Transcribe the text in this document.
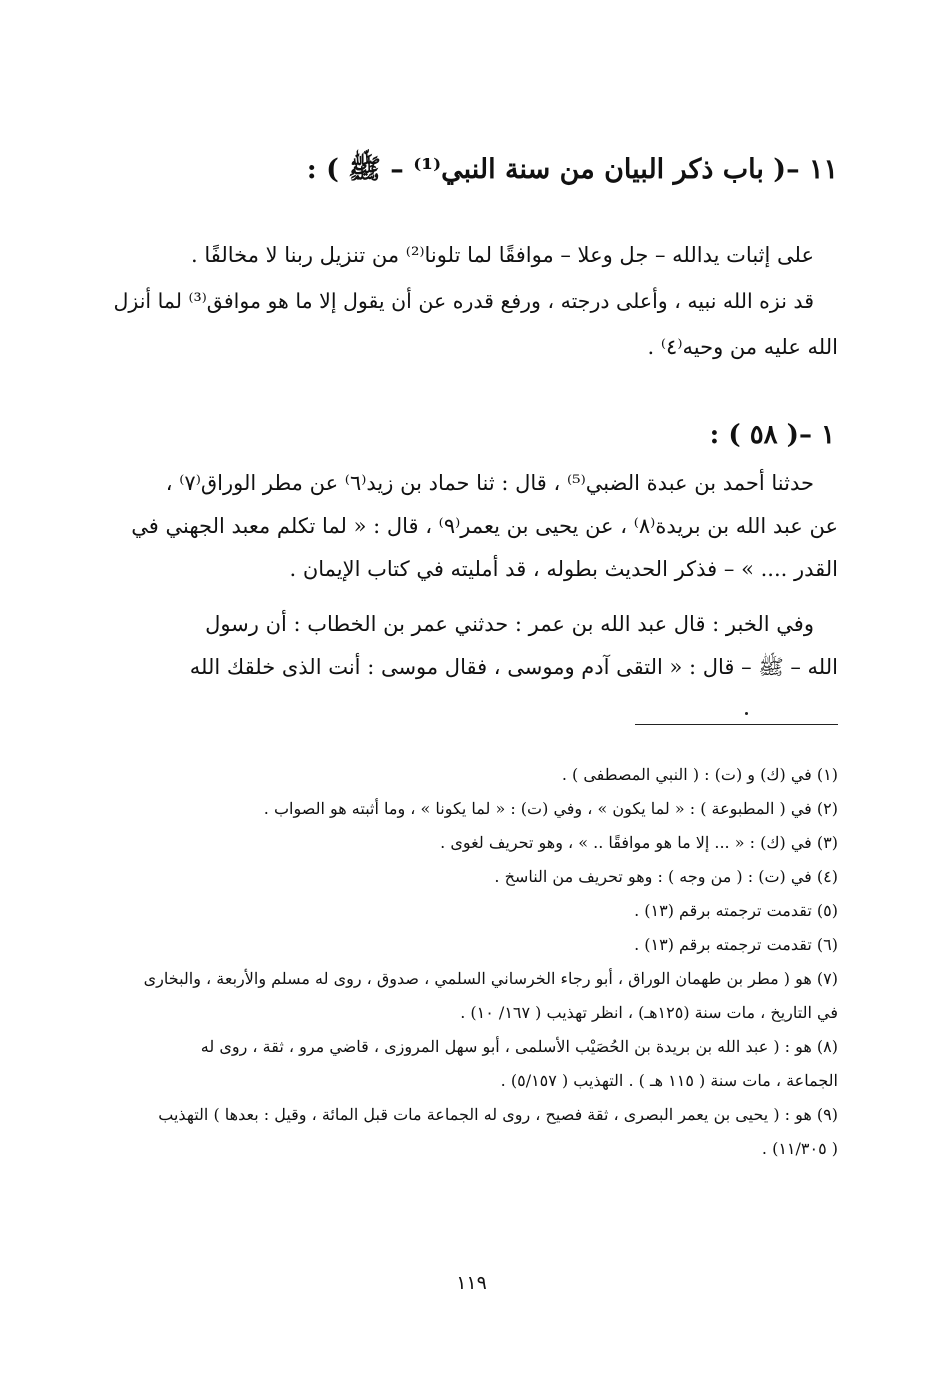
١١ –( باب ذكر البيان من سنة النبي⁽¹⁾ – ﷺ ) :
على إثبات يدالله – جل وعلا – موافقًا لما تلونا⁽²⁾ من تنزيل ربنا لا مخالفًا .
قد نزه الله نبيه ، وأعلى درجته ، ورفع قدره عن أن يقول إلا ما هو موافق⁽³⁾ لما أنزل
الله عليه من وحيه⁽٤⁾ .
١ –( ٥٨ ) :
حدثنا أحمد بن عبدة الضبي⁽⁵⁾ ، قال : ثنا حماد بن زيد⁽٦⁾ عن مطر الوراق⁽٧⁾ ،
عن عبد الله بن بريدة⁽٨⁾ ، عن يحيى بن يعمر⁽٩⁾ ، قال : « لما تكلم معبد الجهني في
القدر .... » – فذكر الحديث بطوله ، قد أمليته في كتاب الإيمان .
وفي الخبر : قال عبد الله بن عمر : حدثني عمر بن الخطاب : أن رسول
الله – ﷺ – قال : « التقى آدم وموسى ، فقال موسى : أنت الذى خلقك الله
(١) في (ك) و (ت) : ( النبي المصطفى ) .
(٢) في ( المطبوعة ) : « لما يكون » ، وفي (ت) : « لما يكونا » ، وما أثبته هو الصواب .
(٣) في (ك) : « ... إلا ما هو موافقًا .. » ، وهو تحريف لغوى .
(٤) في (ت) : ( من وجه ) : وهو تحريف من الناسخ .
(٥) تقدمت ترجمته برقم (١٣) .
(٦) تقدمت ترجمته برقم (١٣) .
(٧) هو ( مطر بن طهمان الوراق ، أبو رجاء الخرساني السلمي ، صدوق ، روى له مسلم والأربعة ، والبخارى
في التاريخ ، مات سنة (١٢٥هـ) ، انظر تهذيب ( ١٦٧/ ١٠) .
(٨) هو : ( عبد الله بن بريدة بن الحُصَيْب الأسلمى ، أبو سهل المروزى ، قاضي مرو ، ثقة ، روى له
الجماعة ، مات سنة ( ١١٥ هـ ) . التهذيب ( ٥/١٥٧) .
(٩) هو : ( يحيى بن يعمر البصرى ، ثقة فصيح ، روى له الجماعة مات قبل المائة ، وقيل : بعدها ) التهذيب
( ١١/٣٠٥) .
١١٩
